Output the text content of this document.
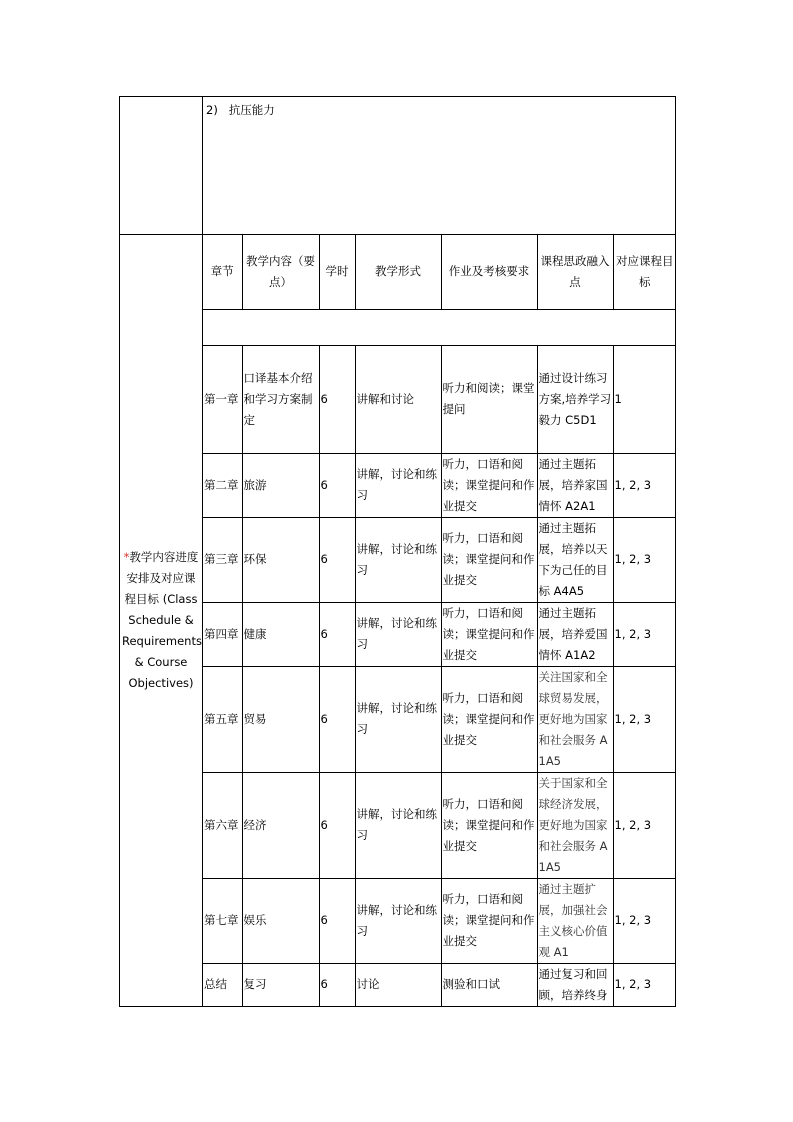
	2)   抗压能力
*教学内容进度安排及对应课程目标 (Class Schedule & Requirements & Course Objectives)	
章节	教学内容（要点）	学时	教学形式	作业及考核要求	课程思政融入点	对应课程目标

第一章	口译基本介绍和学习方案制定	6	讲解和讨论	听力和阅读；课堂提问	通过设计练习方案,培养学习毅力 C5D1	1
第二章	旅游	6	讲解，讨论和练习	听力，口语和阅读；课堂提问和作业提交	通过主题拓展，培养家国情怀 A2A1	1, 2, 3
第三章	环保	6	讲解，讨论和练习	听力，口语和阅读；课堂提问和作业提交	通过主题拓展，培养以天下为己任的目标 A4A5	1, 2, 3
第四章	健康	6	讲解，讨论和练习	听力，口语和阅读；课堂提问和作业提交	通过主题拓展，培养爱国情怀 A1A2	1, 2, 3
第五章	贸易	6	讲解，讨论和练习	听力，口语和阅读；课堂提问和作业提交	关注国家和全球贸易发展，更好地为国家和社会服务 A1A5	1, 2, 3
第六章	经济	6	讲解，讨论和练习	听力，口语和阅读；课堂提问和作业提交	关于国家和全球经济发展，更好地为国家和社会服务 A1A5	1, 2, 3
第七章	娱乐	6	讲解，讨论和练习	听力，口语和阅读；课堂提问和作业提交	通过主题扩展，加强社会主义核心价值观 A1	1, 2, 3
总结	复习	6	讨论	测验和口试	通过复习和回顾，培养终身	1, 2, 3
